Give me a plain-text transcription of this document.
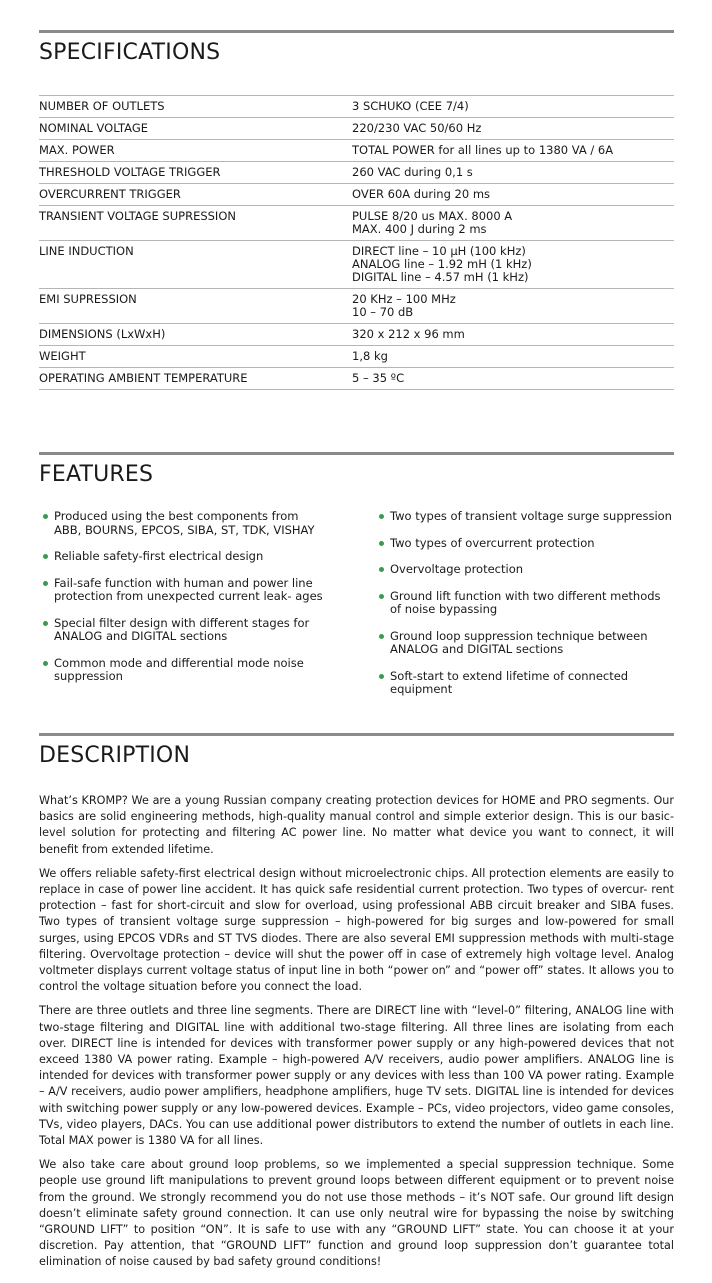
SPECIFICATIONS
NUMBER OF OUTLETS	3 SCHUKO (CEE 7/4)
NOMINAL VOLTAGE	220/230 VAC 50/60 Hz
MAX. POWER	TOTAL POWER for all lines up to 1380 VA / 6A
THRESHOLD VOLTAGE TRIGGER	260 VAC during 0,1 s
OVERCURRENT TRIGGER	OVER 60A during 20 ms
TRANSIENT VOLTAGE SUPRESSION	PULSE 8/20 us MAX. 8000 A
MAX. 400 J during 2 ms
LINE INDUCTION	DIRECT line – 10 μH (100 kHz)
ANALOG line – 1.92 mH (1 kHz)
DIGITAL line – 4.57 mH (1 kHz)
EMI SUPRESSION	20 KHz – 100 MHz
10 – 70 dB
DIMENSIONS (LxWxH)	320 x 212 x 96 mm
WEIGHT	1,8 kg
OPERATING AMBIENT TEMPERATURE	5 – 35 ºC
FEATURES
Produced using the best components from ABB, BOURNS, EPCOS, SIBA, ST, TDK, VISHAY
Reliable safety-first electrical design
Fail-safe function with human and power line protection from unexpected current leak- ages
Special filter design with different stages for ANALOG and DIGITAL sections
Common mode and differential mode noise suppression
Two types of transient voltage surge suppression
Two types of overcurrent protection
Overvoltage protection
Ground lift function with two different methods of noise bypassing
Ground loop suppression technique between ANALOG and DIGITAL sections
Soft-start to extend lifetime of connected equipment
DESCRIPTION

What’s KROMP? We are a young Russian company creating protection devices for HOME and PRO segments. Our basics are solid engineering methods, high-quality manual control and simple exterior design. This is our basic-level solution for protecting and filtering AC power line. No matter what device you want to connect, it will benefit from extended lifetime.

We offers reliable safety-first electrical design without microelectronic chips. All protection elements are easily to replace in case of power line accident. It has quick safe residential current protection. Two types of overcur- rent protection – fast for short-circuit and slow for overload, using professional ABB circuit breaker and SIBA fuses. Two types of transient voltage surge suppression – high-powered for big surges and low-powered for small surges, using EPCOS VDRs and ST TVS diodes. There are also several EMI suppression methods with multi-stage filtering. Overvoltage protection – device will shut the power off in case of extremely high voltage level. Analog voltmeter displays current voltage status of input line in both “power on” and “power off” states. It allows you to control the voltage situation before you connect the load.

There are three outlets and three line segments. There are DIRECT line with “level-0” filtering, ANALOG line with two-stage filtering and DIGITAL line with additional two-stage filtering. All three lines are isolating from each over. DIRECT line is intended for devices with transformer power supply or any high-powered devices that not exceed 1380 VA power rating. Example – high-powered A/V receivers, audio power amplifiers. ANALOG line is intended for devices with transformer power supply or any devices with less than 100 VA power rating. Example – A/V receivers, audio power amplifiers, headphone amplifiers, huge TV sets. DIGITAL line is intended for devices with switching power supply or any low-powered devices. Example – PCs, video projectors, video game consoles, TVs, video players, DACs. You can use additional power distributors to extend the number of outlets in each line. Total MAX power is 1380 VA for all lines.

We also take care about ground loop problems, so we implemented a special suppression technique. Some people use ground lift manipulations to prevent ground loops between different equipment or to prevent noise from the ground. We strongly recommend you do not use those methods – it’s NOT safe. Our ground lift design doesn’t eliminate safety ground connection. It can use only neutral wire for bypassing the noise by switching “GROUND LIFT” to position “ON”. It is safe to use with any “GROUND LIFT” state. You can choose it at your discretion. Pay attention, that “GROUND LIFT” function and ground loop suppression don’t guarantee total elimination of noise caused by bad safety ground conditions!
